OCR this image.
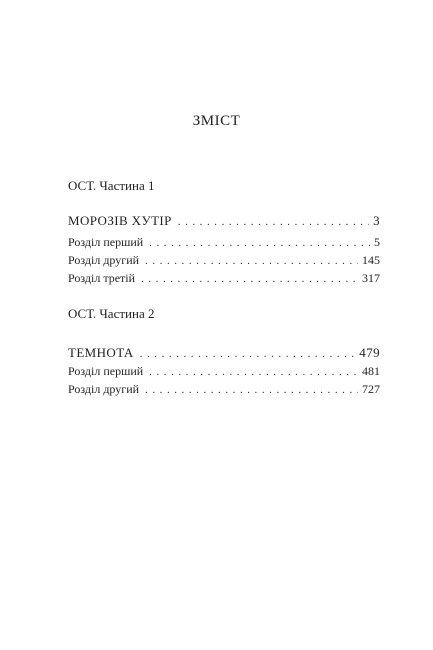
ЗМІСТ
ОСТ. Частина 1
МОРОЗІВ ХУТІР . . .	3
Розділ перший . . .	5
Розділ другий . . .	145
Розділ третій . . .	317
ОСТ. Частина 2
ТЕМНОТА . . .	479
Розділ перший . . .	481
Розділ другий . . .	727
